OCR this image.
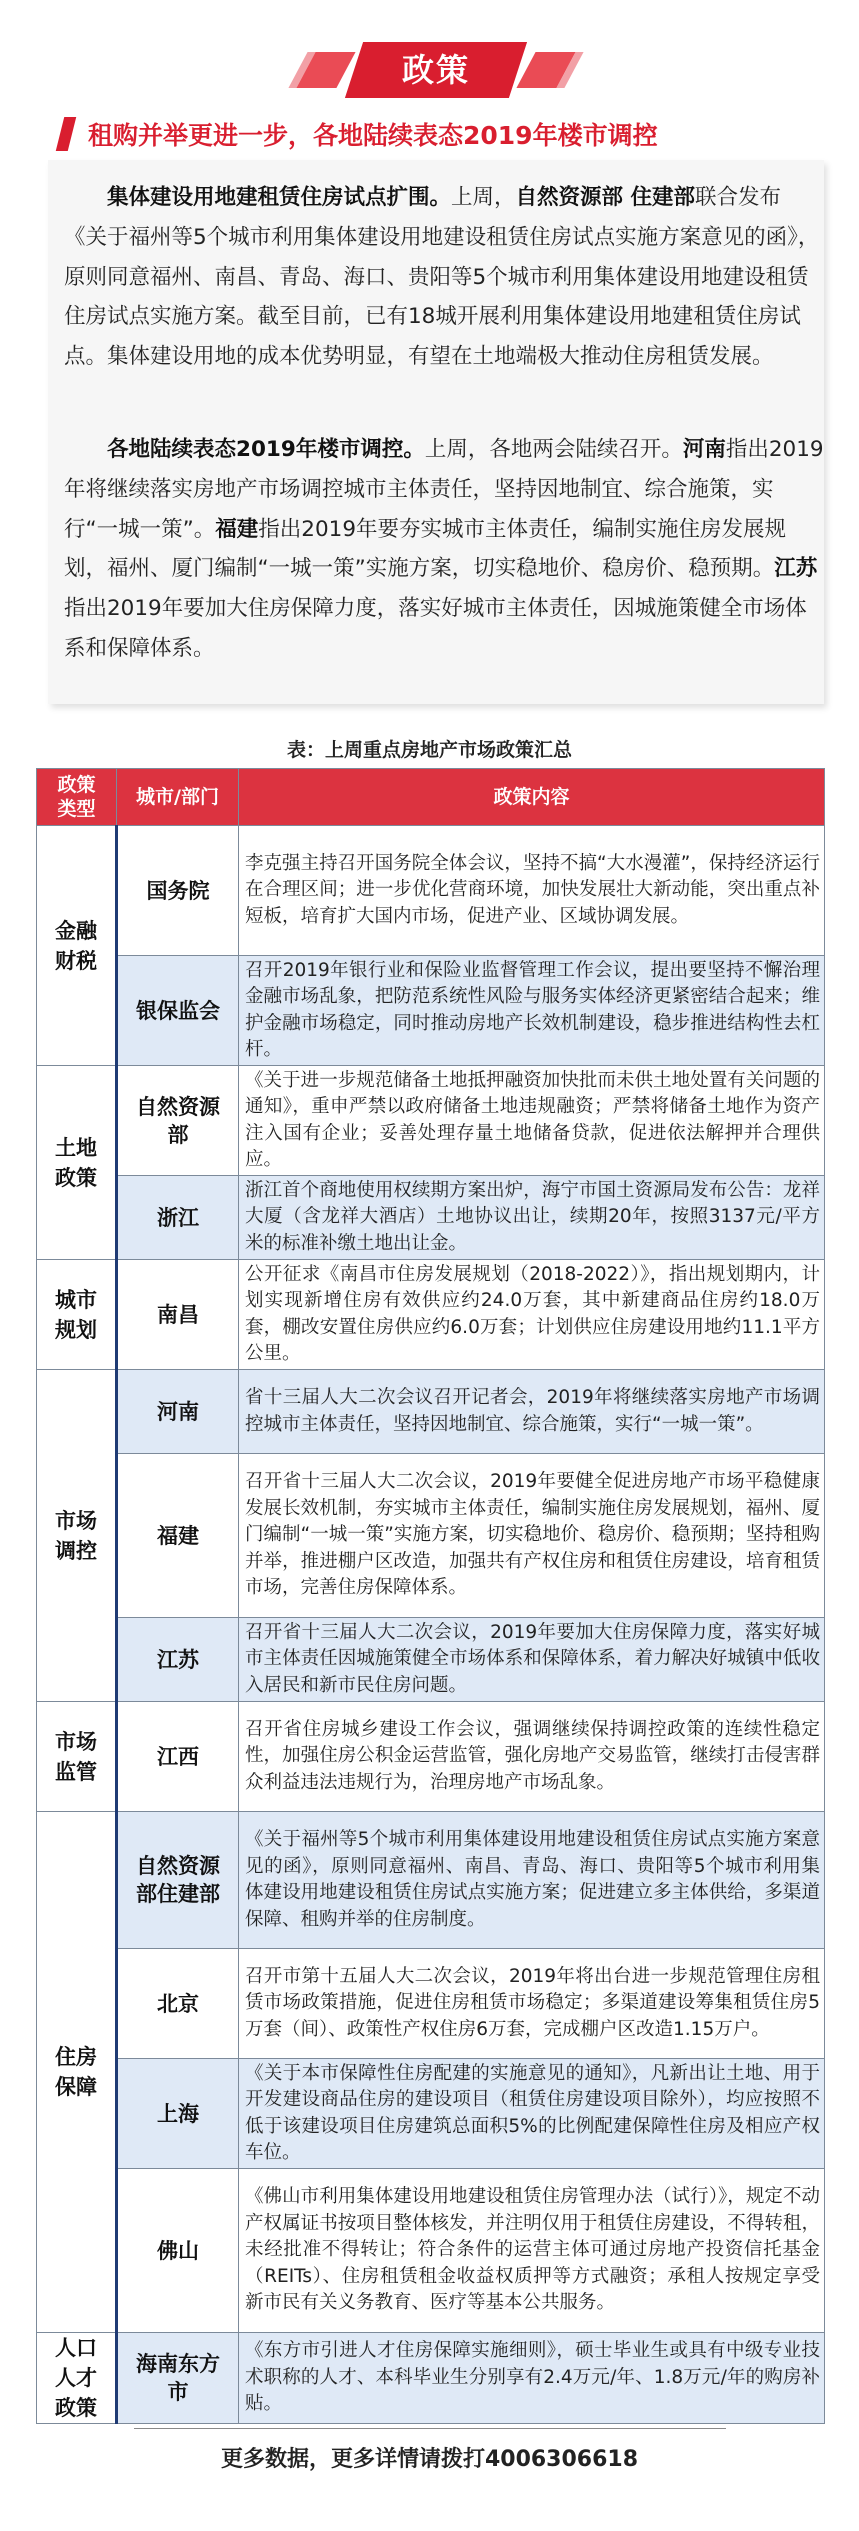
政策
租购并举更进一步，各地陆续表态2019年楼市调控

集体建设用地建租赁住房试点扩围。上周，自然资源部 住建部联合发布《关于福州等5个城市利用集体建设用地建设租赁住房试点实施方案意见的函》，原则同意福州、南昌、青岛、海口、贵阳等5个城市利用集体建设用地建设租赁住房试点实施方案。截至目前，已有18城开展利用集体建设用地建租赁住房试点。集体建设用地的成本优势明显，有望在土地端极大推动住房租赁发展。

各地陆续表态2019年楼市调控。上周，各地两会陆续召开。河南指出2019年将继续落实房地产市场调控城市主体责任，坚持因地制宜、综合施策，实行“一城一策”。福建指出2019年要夯实城市主体责任，编制实施住房发展规划，福州、厦门编制“一城一策”实施方案，切实稳地价、稳房价、稳预期。江苏指出2019年要加大住房保障力度，落实好城市主体责任，因城施策健全市场体系和保障体系。

表：上周重点房地产市场政策汇总
政策类型	城市/部门	政策内容
金融财税	国务院	李克强主持召开国务院全体会议，坚持不搞“大水漫灌”，保持经济运行在合理区间；进一步优化营商环境，加快发展壮大新动能，突出重点补短板，培育扩大国内市场，促进产业、区域协调发展。
	银保监会	召开2019年银行业和保险业监督管理工作会议，提出要坚持不懈治理金融市场乱象，把防范系统性风险与服务实体经济更紧密结合起来；维护金融市场稳定，同时推动房地产长效机制建设，稳步推进结构性去杠杆。
土地政策	自然资源部	《关于进一步规范储备土地抵押融资加快批而未供土地处置有关问题的通知》，重申严禁以政府储备土地违规融资；严禁将储备土地作为资产注入国有企业；妥善处理存量土地储备贷款，促进依法解押并合理供应。
	浙江	浙江首个商地使用权续期方案出炉，海宁市国土资源局发布公告：龙祥大厦（含龙祥大酒店）土地协议出让，续期20年，按照3137元/平方米的标准补缴土地出让金。
城市规划	南昌	公开征求《南昌市住房发展规划（2018-2022）》，指出规划期内，计划实现新增住房有效供应约24.0万套，其中新建商品住房约18.0万套，棚改安置住房供应约6.0万套；计划供应住房建设用地约11.1平方公里。
市场调控	河南	省十三届人大二次会议召开记者会，2019年将继续落实房地产市场调控城市主体责任，坚持因地制宜、综合施策，实行“一城一策”。
	福建	召开省十三届人大二次会议，2019年要健全促进房地产市场平稳健康发展长效机制，夯实城市主体责任，编制实施住房发展规划，福州、厦门编制“一城一策”实施方案，切实稳地价、稳房价、稳预期；坚持租购并举，推进棚户区改造，加强共有产权住房和租赁住房建设，培育租赁市场，完善住房保障体系。
	江苏	召开省十三届人大二次会议，2019年要加大住房保障力度，落实好城市主体责任因城施策健全市场体系和保障体系，着力解决好城镇中低收入居民和新市民住房问题。
市场监管	江西	召开省住房城乡建设工作会议，强调继续保持调控政策的连续性稳定性，加强住房公积金运营监管，强化房地产交易监管，继续打击侵害群众利益违法违规行为，治理房地产市场乱象。
住房保障	自然资源部住建部	《关于福州等5个城市利用集体建设用地建设租赁住房试点实施方案意见的函》，原则同意福州、南昌、青岛、海口、贵阳等5个城市利用集体建设用地建设租赁住房试点实施方案；促进建立多主体供给，多渠道保障、租购并举的住房制度。
	北京	召开市第十五届人大二次会议，2019年将出台进一步规范管理住房租赁市场政策措施，促进住房租赁市场稳定；多渠道建设筹集租赁住房5万套（间）、政策性产权住房6万套，完成棚户区改造1.15万户。
	上海	《关于本市保障性住房配建的实施意见的通知》，凡新出让土地、用于开发建设商品住房的建设项目（租赁住房建设项目除外），均应按照不低于该建设项目住房建筑总面积5%的比例配建保障性住房及相应产权车位。
	佛山	《佛山市利用集体建设用地建设租赁住房管理办法（试行）》，规定不动产权属证书按项目整体核发，并注明仅用于租赁住房建设，不得转租，未经批准不得转让；符合条件的运营主体可通过房地产投资信托基金（REITs）、住房租赁租金收益权质押等方式融资；承租人按规定享受新市民有关义务教育、医疗等基本公共服务。
人口人才政策	海南东方市	《东方市引进人才住房保障实施细则》，硕士毕业生或具有中级专业技术职称的人才、本科毕业生分别享有2.4万元/年、1.8万元/年的购房补贴。
更多数据，更多详情请拨打4006306618
